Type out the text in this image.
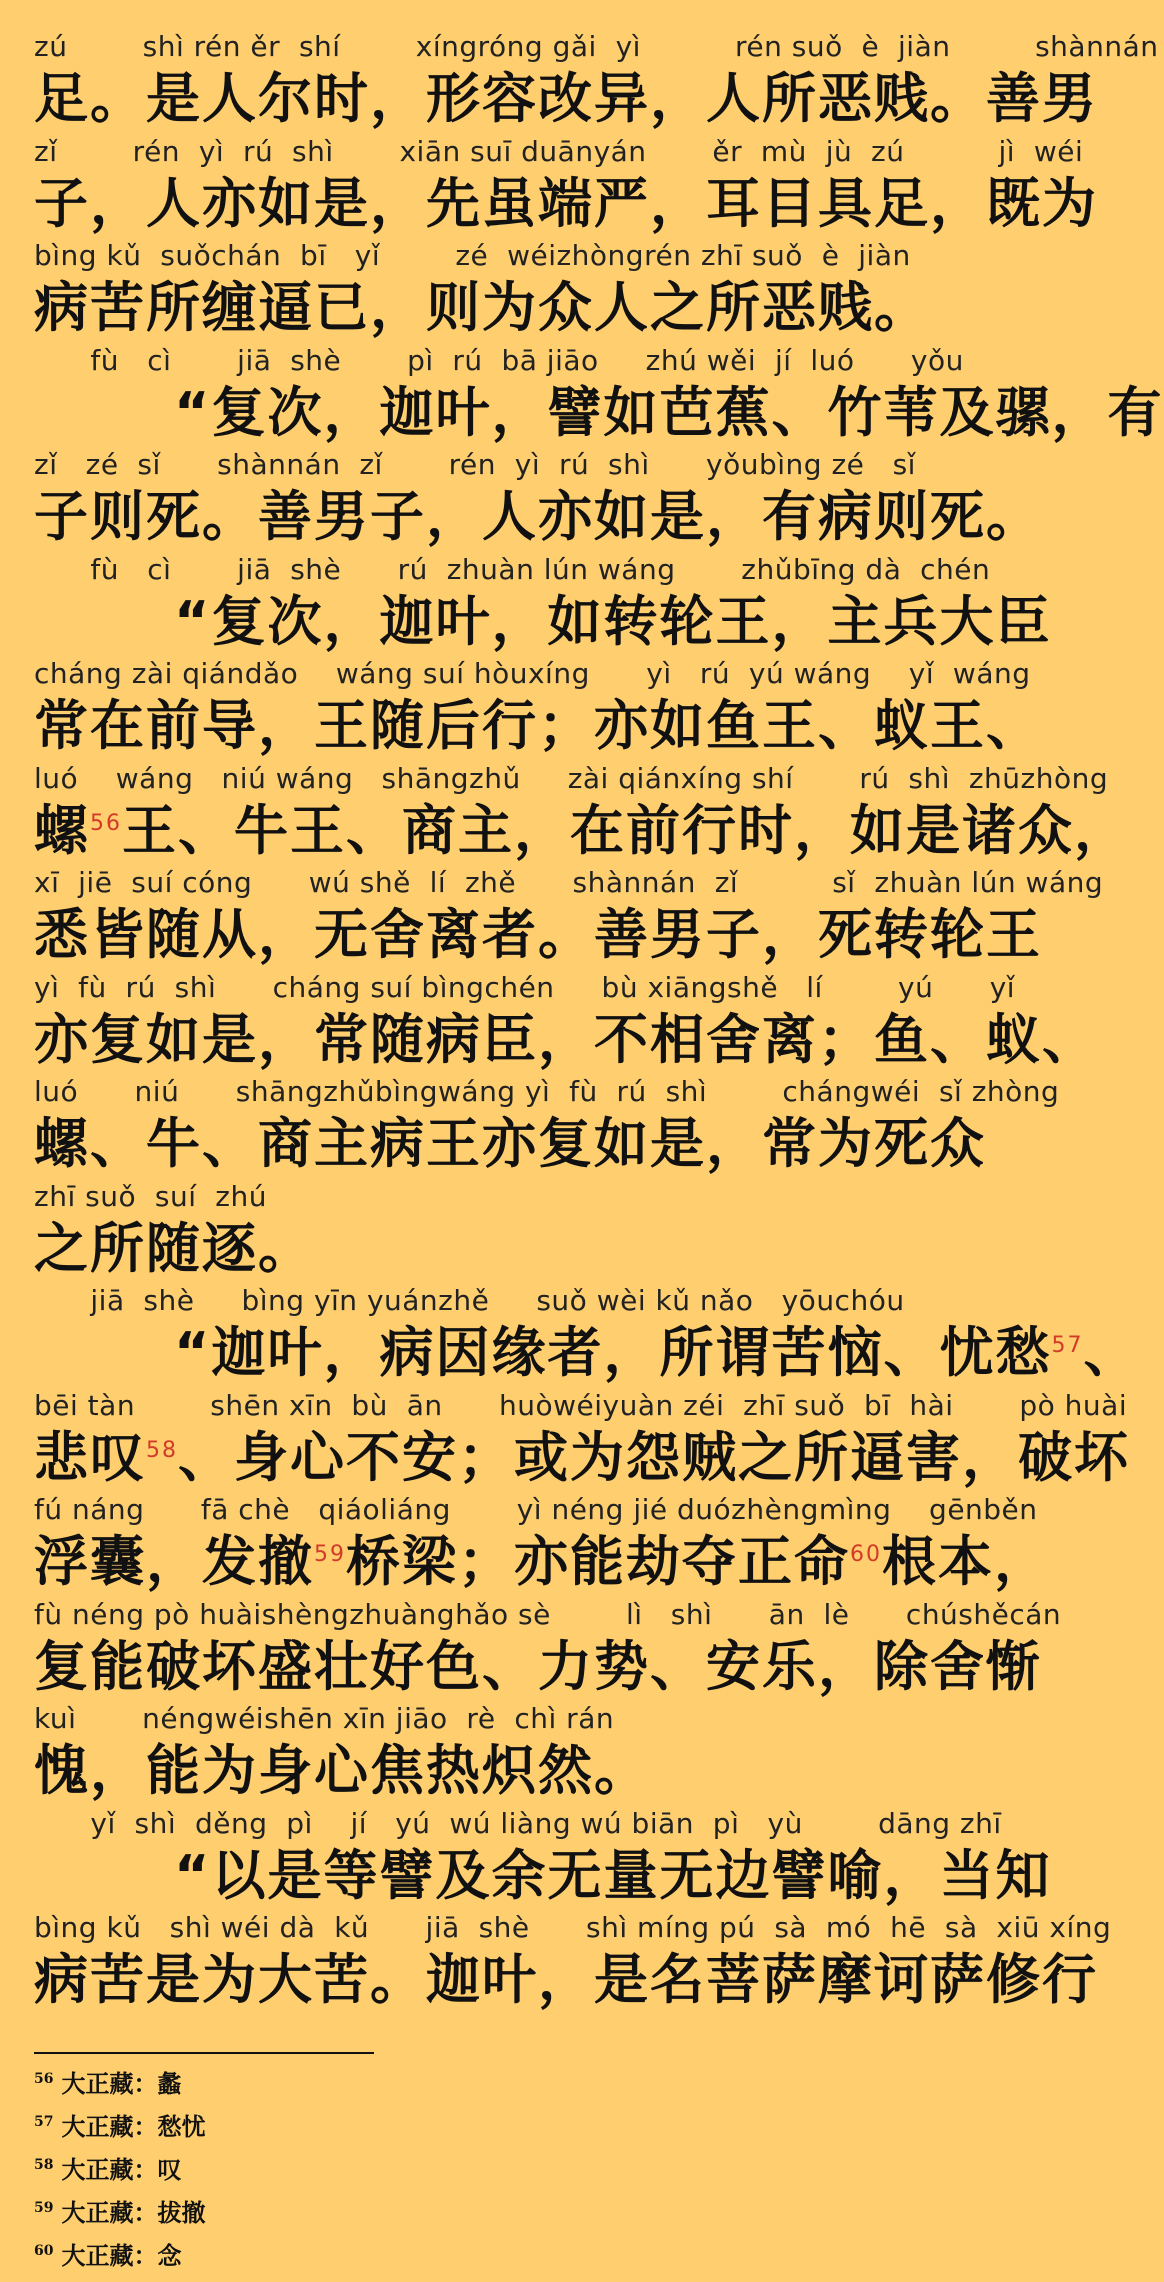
zú        shì rén ěr  shí        xíngróng gǎi  yì          rén suǒ  è  jiàn         shànnán
足。是人尔时，形容改异，人所恶贱。善男
zǐ        rén  yì  rú  shì       xiān suī duānyán       ěr  mù  jù  zú          jì  wéi
子，人亦如是，先虽端严，耳目具足，既为
bìng kǔ  suǒchán  bī   yǐ        zé  wéizhòngrén zhī suǒ  è  jiàn
病苦所缠逼已，则为众人之所恶贱。
fù   cì       jiā  shè       pì  rú  bā jiāo     zhú wěi  jí  luó      yǒu
“复次，迦叶，譬如芭蕉、竹苇及骡，有
zǐ   zé  sǐ      shànnán  zǐ       rén  yì  rú  shì      yǒubìng zé   sǐ
子则死。善男子，人亦如是，有病则死。
fù   cì       jiā  shè      rú  zhuàn lún wáng       zhǔbīng dà  chén
“复次，迦叶，如转轮王，主兵大臣
cháng zài qiándǎo    wáng suí hòuxíng      yì   rú  yú wáng    yǐ  wáng
常在前导，王随后行；亦如鱼王、蚁王、
luó    wáng   niú wáng   shāngzhǔ     zài qiánxíng shí       rú  shì  zhūzhòng
螺$^{56}$王、牛王、商主，在前行时，如是诸众，
xī  jiē  suí cóng      wú shě  lí  zhě      shànnán  zǐ          sǐ  zhuàn lún wáng
悉皆随从，无舍离者。善男子，死转轮王
yì  fù  rú  shì      cháng suí bìngchén     bù xiāngshě   lí        yú      yǐ
亦复如是，常随病臣，不相舍离；鱼、蚁、
luó      niú      shāngzhǔbìngwáng yì  fù  rú  shì        chángwéi  sǐ zhòng
螺、牛、商主病王亦复如是，常为死众
zhī suǒ  suí  zhú
之所随逐。
jiā  shè     bìng yīn yuánzhě     suǒ wèi kǔ nǎo   yōuchóu
“迦叶，病因缘者，所谓苦恼、忧愁$^{57}$、
bēi tàn        shēn xīn  bù  ān      huòwéiyuàn zéi  zhī suǒ  bī  hài       pò huài
悲叹$^{58}$、身心不安；或为怨贼之所逼害，破坏
fú náng      fā chè   qiáoliáng       yì néng jié duózhèngmìng    gēnběn
浮囊，发撤$^{59}$桥梁；亦能劫夺正命$^{60}$根本，
fù néng pò huàishèngzhuànghǎo sè        lì   shì      ān  lè      chúshěcán
复能破坏盛壮好色、力势、安乐，除舍惭
kuì       néngwéishēn xīn jiāo  rè  chì rán
愧，能为身心焦热炽然。
yǐ  shì  děng  pì    jí   yú  wú liàng wú biān  pì   yù        dāng zhī
“以是等譬及余无量无边譬喻，当知
bìng kǔ   shì wéi dà  kǔ      jiā  shè      shì míng pú  sà  mó  hē  sà  xiū xíng
病苦是为大苦。迦叶，是名菩萨摩诃萨修行
$^{56}$ 大正藏：蠡
$^{57}$ 大正藏：愁忧
$^{58}$ 大正藏：叹
$^{59}$ 大正藏：拔撤
$^{60}$ 大正藏：念
